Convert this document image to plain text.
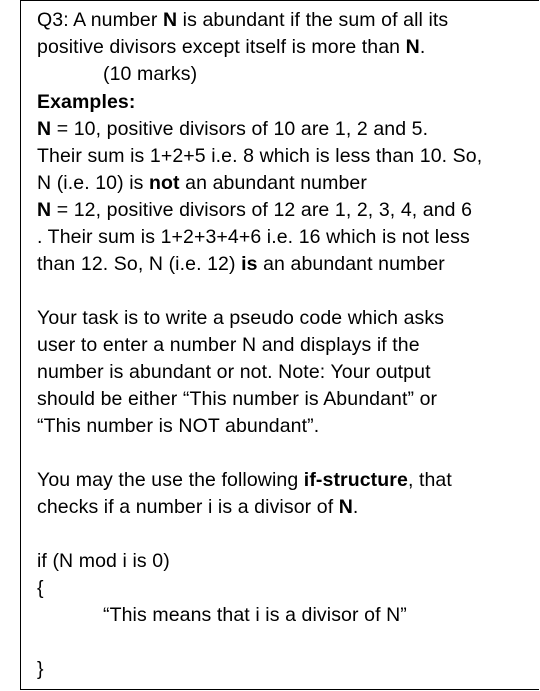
Q3: A number N is abundant if the sum of all its
positive divisors except itself is more than N.
(10 marks)
Examples:
N = 10, positive divisors of 10 are 1, 2 and 5.
Their sum is 1+2+5 i.e. 8 which is less than 10. So,
N (i.e. 10) is not an abundant number
N = 12, positive divisors of 12 are 1, 2, 3, 4, and 6
. Their sum is 1+2+3+4+6 i.e. 16 which is not less
than 12. So, N (i.e. 12) is an abundant number
Your task is to write a pseudo code which asks
user to enter a number N and displays if the
number is abundant or not. Note: Your output
should be either “This number is Abundant” or
“This number is NOT abundant”.
You may the use the following if-structure, that
checks if a number i is a divisor of N.
if (N mod i is 0)
{
“This means that i is a divisor of N”
}
